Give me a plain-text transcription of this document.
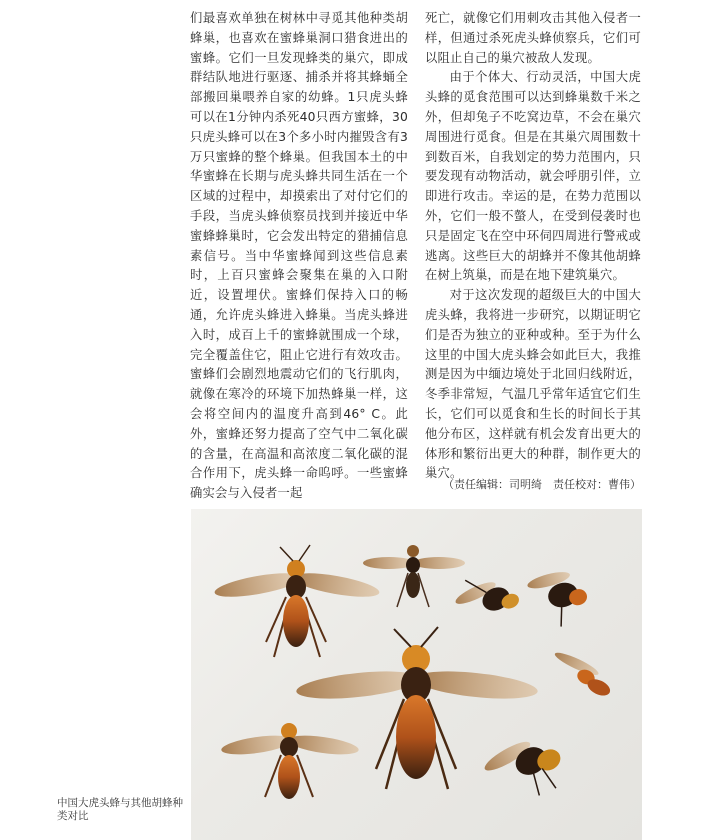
们最喜欢单独在树林中寻觅其他种类胡蜂巢，也喜欢在蜜蜂巢洞口猎食进出的蜜蜂。它们一旦发现蜂类的巢穴，即成群结队地进行驱逐、捕杀并将其蜂蛹全部搬回巢喂养自家的幼蜂。1只虎头蜂可以在1分钟内杀死40只西方蜜蜂，30只虎头蜂可以在3个多小时内摧毁含有3万只蜜蜂的整个蜂巢。但我国本土的中华蜜蜂在长期与虎头蜂共同生活在一个区域的过程中，却摸索出了对付它们的手段，当虎头蜂侦察员找到并接近中华蜜蜂蜂巢时，它会发出特定的猎捕信息素信号。当中华蜜蜂闻到这些信息素时，上百只蜜蜂会聚集在巢的入口附近，设置埋伏。蜜蜂们保持入口的畅通，允许虎头蜂进入蜂巢。当虎头蜂进入时，成百上千的蜜蜂就围成一个球，完全覆盖住它，阻止它进行有效攻击。蜜蜂们会剧烈地震动它们的飞行肌肉，就像在寒冷的环境下加热蜂巢一样，这会将空间内的温度升高到46° C。此外，蜜蜂还努力提高了空气中二氧化碳的含量，在高温和高浓度二氧化碳的混合作用下，虎头蜂一命呜呼。一些蜜蜂确实会与入侵者一起

死亡，就像它们用刺攻击其他入侵者一样，但通过杀死虎头蜂侦察兵，它们可以阻止自己的巢穴被敌人发现。

由于个体大、行动灵活，中国大虎头蜂的觅食范围可以达到蜂巢数千米之外，但却兔子不吃窝边草，不会在巢穴周围进行觅食。但是在其巢穴周围数十到数百米，自我划定的势力范围内，只要发现有动物活动，就会呼朋引伴，立即进行攻击。幸运的是，在势力范围以外，它们一般不螫人，在受到侵袭时也只是固定飞在空中环伺四周进行警戒或逃离。这些巨大的胡蜂并不像其他胡蜂在树上筑巢，而是在地下建筑巢穴。

对于这次发现的超级巨大的中国大虎头蜂，我将进一步研究，以期证明它们是否为独立的亚种或种。至于为什么这里的中国大虎头蜂会如此巨大，我推测是因为中缅边境处于北回归线附近，冬季非常短，气温几乎常年适宜它们生长，它们可以觅食和生长的时间长于其他分布区，这样就有机会发育出更大的体形和繁衍出更大的种群，制作更大的巢穴。

（责任编辑：司明绮　责任校对：曹伟）
中国大虎头蜂与其他胡蜂种类对比
